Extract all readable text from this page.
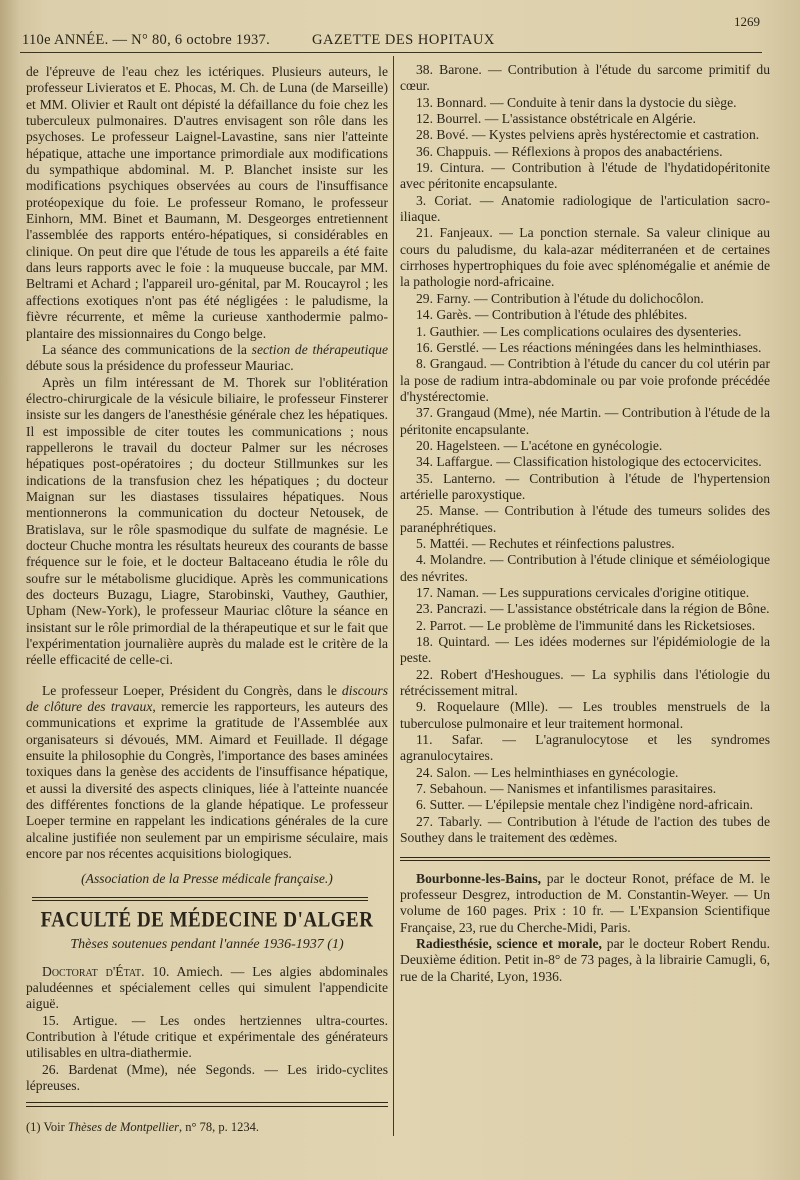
110e ANNÉE. — N° 80, 6 octobre 1937.	GAZETTE DES HOPITAUX
1269

de l'épreuve de l'eau chez les ictériques. Plusieurs auteurs, le professeur Livieratos et E. Phocas, M. Ch. de Luna (de Marseille) et MM. Olivier et Rault ont dépisté la défaillance du foie chez les tuberculeux pulmonaires. D'autres envisagent son rôle dans les psychoses. Le professeur Laignel-Lavastine, sans nier l'atteinte hépatique, attache une importance primordiale aux modifications du sympathique abdominal. M. P. Blanchet insiste sur les modifications psychiques observées au cours de l'insuffisance protéopexique du foie. Le professeur Romano, le professeur Einhorn, MM. Binet et Baumann, M. Desgeorges entretiennent l'assemblée des rapports entéro-hépatiques, si considérables en clinique. On peut dire que l'étude de tous les appareils a été faite dans leurs rapports avec le foie : la muqueuse buccale, par MM. Beltrami et Achard ; l'appareil uro-génital, par M. Roucayrol ; les affections exotiques n'ont pas été négligées : le paludisme, la fièvre récurrente, et même la curieuse xanthodermie palmo-plantaire des missionnaires du Congo belge.

La séance des communications de la section de thérapeutique débute sous la présidence du professeur Mauriac.

Après un film intéressant de M. Thorek sur l'oblitération électro-chirurgicale de la vésicule biliaire, le professeur Finsterer insiste sur les dangers de l'anesthésie générale chez les hépatiques. Il est impossible de citer toutes les communications ; nous rappellerons le travail du docteur Palmer sur les nécroses hépatiques post-opératoires ; du docteur Stillmunkes sur les indications de la transfusion chez les hépatiques ; du docteur Maignan sur les diastases tissulaires hépatiques. Nous mentionnerons la communication du docteur Netousek, de Bratislava, sur le rôle spasmodique du sulfate de magnésie. Le docteur Chuche montra les résultats heureux des courants de basse fréquence sur le foie, et le docteur Baltaceano étudia le rôle du soufre sur le métabolisme glucidique. Après les communications des docteurs Buzagu, Liagre, Starobinski, Vauthey, Gauthier, Upham (New-York), le professeur Mauriac clôture la séance en insistant sur le rôle primordial de la thérapeutique et sur le fait que l'expérimentation journalière auprès du malade est le critère de la réelle efficacité de celle-ci.

Le professeur Loeper, Président du Congrès, dans le discours de clôture des travaux, remercie les rapporteurs, les auteurs des communications et exprime la gratitude de l'Assemblée aux organisateurs si dévoués, MM. Aimard et Feuillade. Il dégage ensuite la philosophie du Congrès, l'importance des bases aminées toxiques dans la genèse des accidents de l'insuffisance hépatique, et aussi la diversité des aspects cliniques, liée à l'atteinte nuancée des différentes fonctions de la glande hépatique. Le professeur Loeper termine en rappelant les indications générales de la cure alcaline justifiée non seulement par un empirisme séculaire, mais encore par nos récentes acquisitions biologiques.

(Association de la Presse médicale française.)

FACULTÉ DE MÉDECINE D'ALGER
Thèses soutenues pendant l'année 1936-1937 (1)

Doctorat d'État. 10. Amiech. — Les algies abdominales paludéennes et spécialement celles qui simulent l'appendicite aiguë.

15. Artigue. — Les ondes hertziennes ultra-courtes. Contribution à l'étude critique et expérimentale des générateurs utilisables en ultra-diathermie.

26. Bardenat (Mme), née Segonds. — Les irido-cyclites lépreuses.

(1) Voir Thèses de Montpellier, n° 78, p. 1234.

38. Barone. — Contribution à l'étude du sarcome primitif du cœur.

13. Bonnard. — Conduite à tenir dans la dystocie du siège.

12. Bourrel. — L'assistance obstétricale en Algérie.

28. Bové. — Kystes pelviens après hystérectomie et castration.

36. Chappuis. — Réflexions à propos des anabactériens.

19. Cintura. — Contribution à l'étude de l'hydatidopéritonite avec péritonite encapsulante.

3. Coriat. — Anatomie radiologique de l'articulation sacro-iliaque.

21. Fanjeaux. — La ponction sternale. Sa valeur clinique au cours du paludisme, du kala-azar méditerranéen et de certaines cirrhoses hypertrophiques du foie avec splénomégalie et anémie de la pathologie nord-africaine.

29. Farny. — Contribution à l'étude du dolichocôlon.

14. Garès. — Contribution à l'étude des phlébites.

1. Gauthier. — Les complications oculaires des dysenteries.

16. Gerstlé. — Les réactions méningées dans les helminthiases.

8. Grangaud. — Contribtion à l'étude du cancer du col utérin par la pose de radium intra-abdominale ou par voie profonde précédée d'hystérectomie.

37. Grangaud (Mme), née Martin. — Contribution à l'étude de la péritonite encapsulante.

20. Hagelsteen. — L'acétone en gynécologie.

34. Laffargue. — Classification histologique des ectocervicites.

35. Lanterno. — Contribution à l'étude de l'hypertension artérielle paroxystique.

25. Manse. — Contribution à l'étude des tumeurs solides des paranéphrétiques.

5. Mattéi. — Rechutes et réinfections palustres.

4. Molandre. — Contribution à l'étude clinique et séméiologique des névrites.

17. Naman. — Les suppurations cervicales d'origine otitique.

23. Pancrazi. — L'assistance obstétricale dans la région de Bône.

2. Parrot. — Le problème de l'immunité dans les Ricketsioses.

18. Quintard. — Les idées modernes sur l'épidémiologie de la peste.

22. Robert d'Heshougues. — La syphilis dans l'étiologie du rétrécissement mitral.

9. Roquelaure (Mlle). — Les troubles menstruels de la tuberculose pulmonaire et leur traitement hormonal.

11. Safar. — L'agranulocytose et les syndromes agranulocytaires.

24. Salon. — Les helminthiases en gynécologie.

7. Sebahoun. — Nanismes et infantilismes parasitaires.

6. Sutter. — L'épilepsie mentale chez l'indigène nord-africain.

27. Tabarly. — Contribution à l'étude de l'action des tubes de Southey dans le traitement des œdèmes.

Bourbonne-les-Bains, par le docteur Ronot, préface de M. le professeur Desgrez, introduction de M. Constantin-Weyer. — Un volume de 160 pages. Prix : 10 fr. — L'Expansion Scientifique Française, 23, rue du Cherche-Midi, Paris.

Radiesthésie, science et morale, par le docteur Robert Rendu. Deuxième édition. Petit in-8° de 73 pages, à la librairie Camugli, 6, rue de la Charité, Lyon, 1936.
